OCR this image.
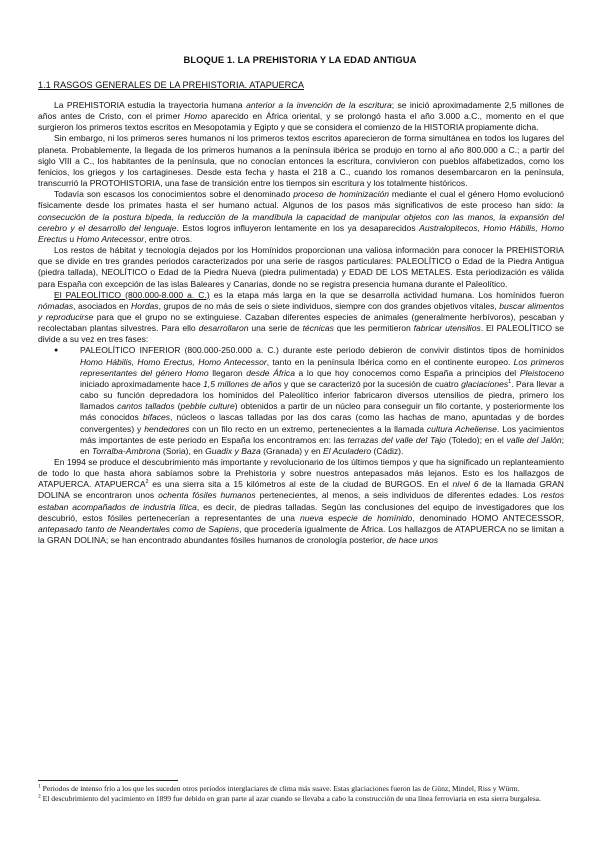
BLOQUE 1. LA PREHISTORIA Y LA EDAD ANTIGUA
1.1 RASGOS GENERALES DE LA PREHISTORIA. ATAPUERCA

La PREHISTORIA estudia la trayectoria humana anterior a la invención de la escritura; se inició aproximadamente 2,5 millones de años antes de Cristo, con el primer Homo aparecido en África oriental, y se prolongó hasta el año 3.000 a.C., momento en el que surgieron los primeros textos escritos en Mesopotamia y Egipto y que se considera el comienzo de la HISTORIA propiamente dicha.

Sin embargo, ni los primeros seres humanos ni los primeros textos escritos aparecieron de forma simultánea en todos los lugares del planeta. Probablemente, la llegada de los primeros humanos a la península ibérica se produjo en torno al año 800.000 a C.; a partir del siglo VIII a C., los habitantes de la península, que no conocían entonces la escritura, convivieron con pueblos alfabetizados, como los fenicios, los griegos y los cartagineses. Desde esta fecha y hasta el 218 a C., cuando los romanos desembarcaron en la península, transcurrió la PROTOHISTORIA, una fase de transición entre los tiempos sin escritura y los totalmente históricos.

Todavía son escasos los conocimientos sobre el denominado proceso de hominización mediante el cual el género Homo evolucionó físicamente desde los primates hasta el ser humano actual. Algunos de los pasos más significativos de este proceso han sido: la consecución de la postura bípeda, la reducción de la mandíbula la capacidad de manipular objetos con las manos, la expansión del cerebro y el desarrollo del lenguaje. Estos logros influyeron lentamente en los ya desaparecidos Australopitecos, Homo Hábilis, Homo Erectus u Homo Antecessor, entre otros.

Los restos de hábitat y tecnología dejados por los Homínidos proporcionan una valiosa información para conocer la PREHISTORIA que se divide en tres grandes periodos caracterizados por una serie de rasgos particulares: PALEOLÍTICO o Edad de la Piedra Antigua (piedra tallada), NEOLÍTICO o Edad de la Piedra Nueva (piedra pulimentada) y EDAD DE LOS METALES. Esta periodización es válida para España con excepción de las islas Baleares y Canarias, donde no se registra presencia humana durante el Paleolítico.

El PALEOLÍTICO (800.000-8.000 a. C.) es la etapa más larga en la que se desarrolla actividad humana. Los homínidos fueron nómadas, asociados en Hordas, grupos de no más de seis o siete individuos, siempre con dos grandes objetivos vitales, buscar alimentos y reproducirse para que el grupo no se extinguiese. Cazaban diferentes especies de animales (generalmente herbívoros), pescaban y recolectaban plantas silvestres. Para ello desarrollaron una serie de técnicas que les permitieron fabricar utensilios. El PALEOLÍTICO se divide a su vez en tres fases:

● PALEOLÍTICO INFERIOR (800.000-250.000 a. C.) durante este periodo debieron de convivir distintos tipos de homínidos Homo Hábilis, Homo Erectus, Homo Antecessor, tanto en la península Ibérica como en el continente europeo. Los primeros representantes del género Homo llegaron desde África a lo que hoy conocemos como España a principios del Pleistoceno iniciado aproximadamente hace 1,5 millones de años y que se caracterizó por la sucesión de cuatro glaciaciones$^1$. Para llevar a cabo su función depredadora los homínidos del Paleolítico inferior fabricaron diversos utensilios de piedra, primero los llamados cantos tallados (pebble culture) obtenidos a partir de un núcleo para conseguir un filo cortante, y posteriormente los más conocidos bifaces, núcleos o lascas talladas por las dos caras (como las hachas de mano, apuntadas y de bordes convergentes) y hendedores con un filo recto en un extremo, pertenecientes a la llamada cultura Acheliense. Los yacimientos más importantes de este periodo en España los encontramos en: las terrazas del valle del Tajo (Toledo); en el valle del Jalón; en Torralba-Ambrona (Soria), en Guadix y Baza (Granada) y en El Aculadero (Cádiz).

En 1994 se produce el descubrimiento más importante y revolucionario de los últimos tiempos y que ha significado un replanteamiento de todo lo que hasta ahora sabíamos sobre la Prehistoria y sobre nuestros antepasados más lejanos. Esto es los hallazgos de ATAPUERCA. ATAPUERCA$^2$ es una sierra sita a 15 kilómetros al este de la ciudad de BURGOS. En el nivel 6 de la llamada GRAN DOLINA se encontraron unos ochenta fósiles humanos pertenecientes, al menos, a seis individuos de diferentes edades. Los restos estaban acompañados de industria lítica, es decir, de piedras talladas. Según las conclusiones del equipo de investigadores que los descubrió, estos fósiles pertenecerían a representantes de una nueva especie de homínido, denominado HOMO ANTECESSOR, antepasado tanto de Neandertales como de Sapiens, que procedería igualmente de África. Los hallazgos de ATAPUERCA no se limitan a la GRAN DOLINA; se han encontrado abundantes fósiles humanos de cronología posterior, de hace unos

$^1$ Periodos de intenso frío a los que les suceden otros periodos interglaciares de clima más suave. Estas glaciaciones fueron las de Günz, Mindel, Riss y Würm.

$^2$ El descubrimiento del yacimiento en 1899 fue debido en gran parte al azar cuando se llevaba a cabo la construcción de una línea ferroviaria en esta sierra burgalesa.
